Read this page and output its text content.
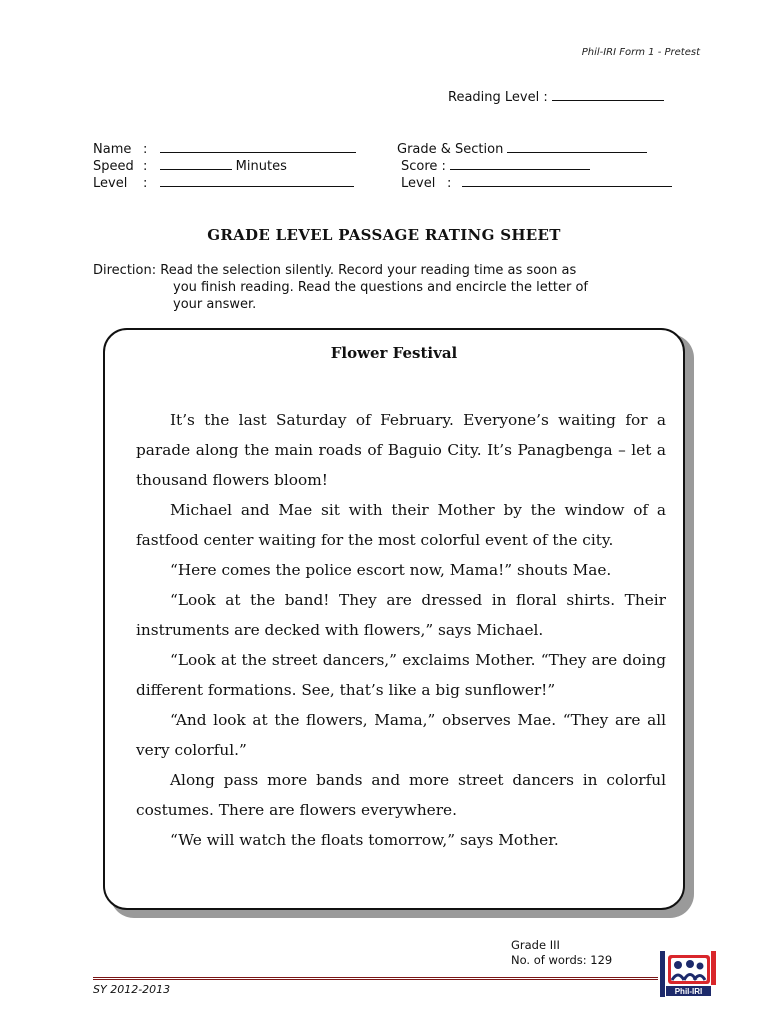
Phil-IRI Form 1 - Pretest
Reading Level :
Name :
Speed :	Minutes
Level :
Grade & Section
Score :
Level :
GRADE LEVEL PASSAGE RATING SHEET
Direction: Read the selection silently. Record your reading time as soon as
you finish reading. Read the questions and encircle the letter of
your answer.
Flower Festival

It’s the last Saturday of February. Everyone’s waiting for a parade along the main roads of Baguio City. It’s Panagbenga – let a thousand flowers bloom!

Michael and Mae sit with their Mother by the window of a fastfood center waiting for the most colorful event of the city.

“Here comes the police escort now, Mama!” shouts Mae.

“Look at the band! They are dressed in floral shirts. Their instruments are decked with flowers,” says Michael.

“Look at the street dancers,” exclaims Mother. “They are doing different formations. See, that’s like a big sunflower!”

“And look at the flowers, Mama,” observes Mae. “They are all very colorful.”

Along pass more bands and more street dancers in colorful costumes. There are flowers everywhere.

“We will watch the floats tomorrow,” says Mother.

Grade III
No. of words: 129
SY 2012-2013	Phil-IRI
